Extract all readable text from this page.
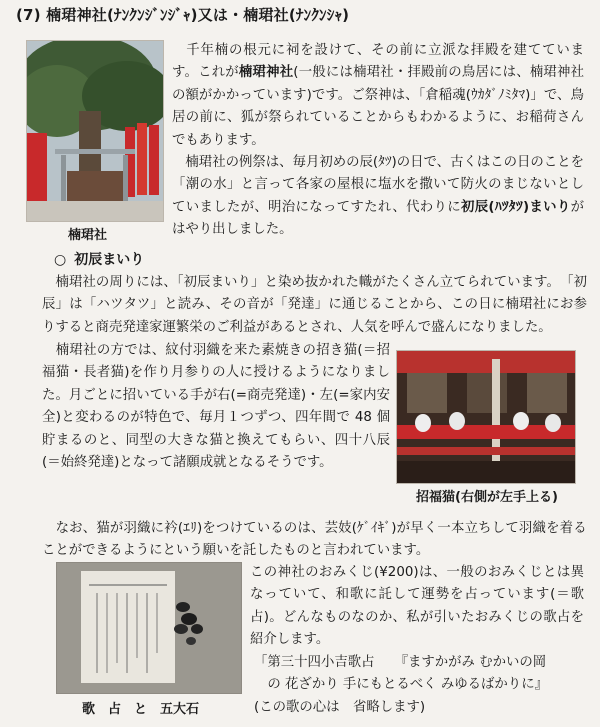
(7) 楠珺神社(ﾅﾝｸﾝｼﾞﾝｼﾞｬ)又は・楠珺社(ﾅﾝｸﾝｼｬ)
楠珺社

　千年楠の根元に祠を設けて、その前に立派な拝殿を建てています。これが楠珺神社(一般には楠珺社・拝殿前の鳥居には、楠珺神社の額がかかっています)です。ご祭神は、「倉稲魂(ｳｶﾀﾞﾉﾐﾀﾏ)」で、鳥居の前に、狐が祭られていることからもわかるように、お稲荷さんでもあります。

　楠珺社の例祭は、毎月初めの辰(ﾀﾂ)の日で、古くはこの日のことを「潮の水」と言って各家の屋根に塩水を撒いて防火のまじないとしていましたが、明治になってすたれ、代わりに初辰(ﾊﾂﾀﾂ)まいりがはやり出しました。

○ 初辰まいり

　楠珺社の周りには、「初辰まいり」と染め抜かれた幟がたくさん立てられています。　「初辰」は「ハツタツ」と読み、その音が「発達」に通じることから、この日に楠珺社にお参りすると商売発達家運繁栄のご利益があるとされ、人気を呼んで盛んになりました。

　楠珺社の方では、紋付羽織を来た素焼きの招き猫(＝招福猫・長者猫)を作り月参りの人に授けるようになりました。月ごとに招いている手が右(=商売発達)・左(=家内安全)と変わるのが特色で、毎月１つずつ、四年間で 48 個貯まるのと、同型の大きな猫と換えてもらい、四十八辰(＝始終発達)となって諸願成就となるそうです。

　なお、猫が羽織に衿(ｴﾘ)をつけているのは、芸妓(ｹﾞｲｷﾞ)が早く一本立ちして羽織を着ることができるようにという願いを託したものと言われています。

招福猫(右側が左手上る)
歌　占　と　五大石

この神社のおみくじ(¥200)は、一般のおみくじとは異なっていて、和歌に託して運勢を占っています(＝歌占)。どんなものなのか、私が引いたおみくじの歌占を紹介します。

「第三十四小吉歌占　　『ますかがみ むかいの岡

　の 花ざかり 手にもとるべく みゆるばかりに』

(この歌の心は　省略します)
